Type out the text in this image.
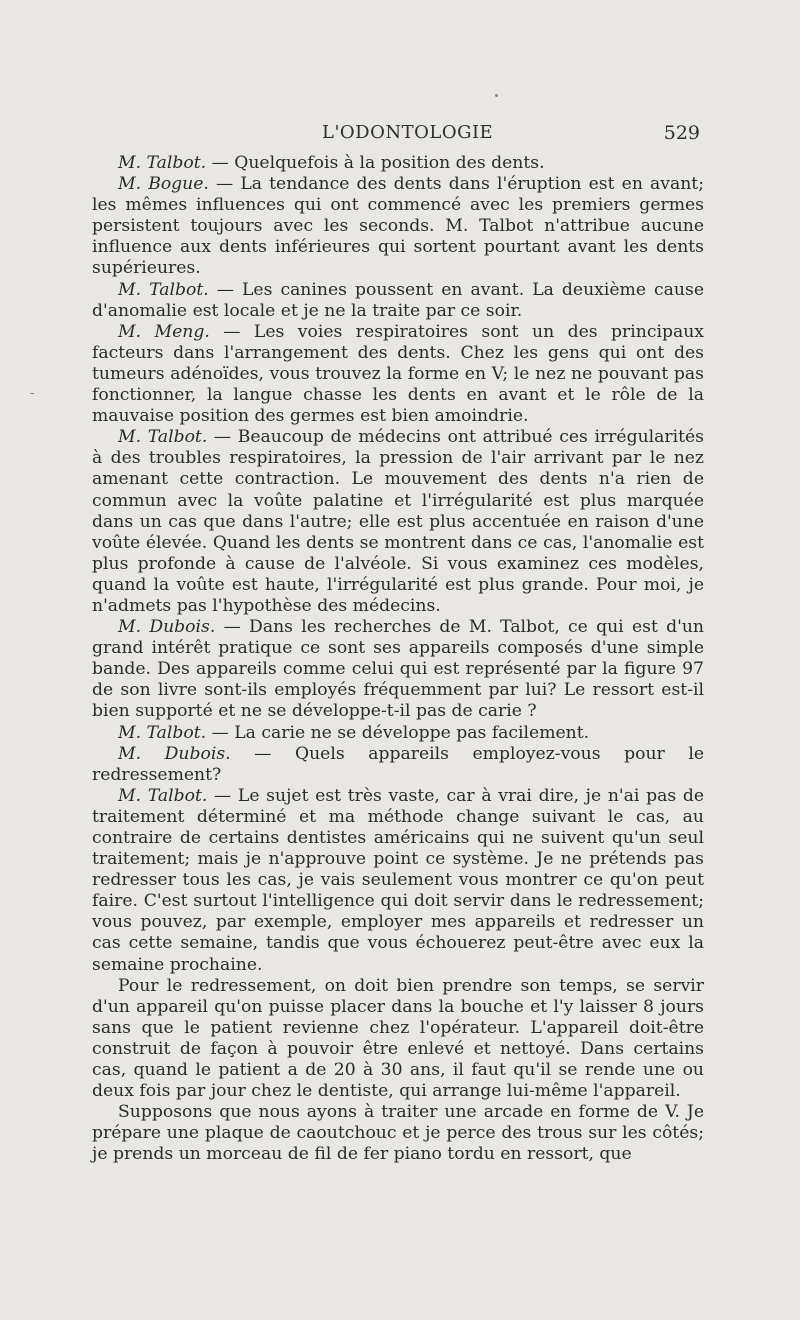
L'ODONTOLOGIE	529
-

M. Talbot. — Quelquefois à la position des dents.

M. Bogue. — La tendance des dents dans l'éruption est en avant; les mêmes influences qui ont commencé avec les premiers germes persistent toujours avec les seconds. M. Talbot n'attribue aucune influence aux dents inférieures qui sortent pourtant avant les dents supérieures.

M. Talbot. — Les canines poussent en avant. La deuxième cause d'anomalie est locale et je ne la traite par ce soir.

M. Meng. — Les voies respiratoires sont un des principaux facteurs dans l'arrangement des dents. Chez les gens qui ont des tumeurs adénoïdes, vous trouvez la forme en V; le nez ne pouvant pas fonctionner, la langue chasse les dents en avant et le rôle de la mauvaise position des germes est bien amoindrie.

M. Talbot. — Beaucoup de médecins ont attribué ces irrégularités à des troubles respiratoires, la pression de l'air arrivant par le nez amenant cette contraction. Le mouvement des dents n'a rien de commun avec la voûte palatine et l'irrégularité est plus marquée dans un cas que dans l'autre; elle est plus accentuée en raison d'une voûte élevée. Quand les dents se montrent dans ce cas, l'anomalie est plus profonde à cause de l'alvéole. Si vous examinez ces modèles, quand la voûte est haute, l'irrégularité est plus grande. Pour moi, je n'admets pas l'hypothèse des médecins.

M. Dubois. — Dans les recherches de M. Talbot, ce qui est d'un grand intérêt pratique ce sont ses appareils composés d'une simple bande. Des appareils comme celui qui est représenté par la figure 97 de son livre sont-ils employés fréquemment par lui? Le ressort est-il bien supporté et ne se développe-t-il pas de carie ?

M. Talbot. — La carie ne se développe pas facilement.

M. Dubois. — Quels appareils employez-vous pour le redressement?

M. Talbot. — Le sujet est très vaste, car à vrai dire, je n'ai pas de traitement déterminé et ma méthode change suivant le cas, au contraire de certains dentistes américains qui ne suivent qu'un seul traitement; mais je n'approuve point ce système. Je ne prétends pas redresser tous les cas, je vais seulement vous montrer ce qu'on peut faire. C'est surtout l'intelligence qui doit servir dans le redressement; vous pouvez, par exemple, employer mes appareils et redresser un cas cette semaine, tandis que vous échouerez peut-être avec eux la semaine prochaine.

Pour le redressement, on doit bien prendre son temps, se servir d'un appareil qu'on puisse placer dans la bouche et l'y laisser 8 jours sans que le patient revienne chez l'opérateur. L'appareil doit-être construit de façon à pouvoir être enlevé et nettoyé. Dans certains cas, quand le patient a de 20 à 30 ans, il faut qu'il se rende une ou deux fois par jour chez le dentiste, qui arrange lui-même l'appareil.

Supposons que nous ayons à traiter une arcade en forme de V. Je prépare une plaque de caoutchouc et je perce des trous sur les côtés; je prends un morceau de fil de fer piano tordu en ressort, que
